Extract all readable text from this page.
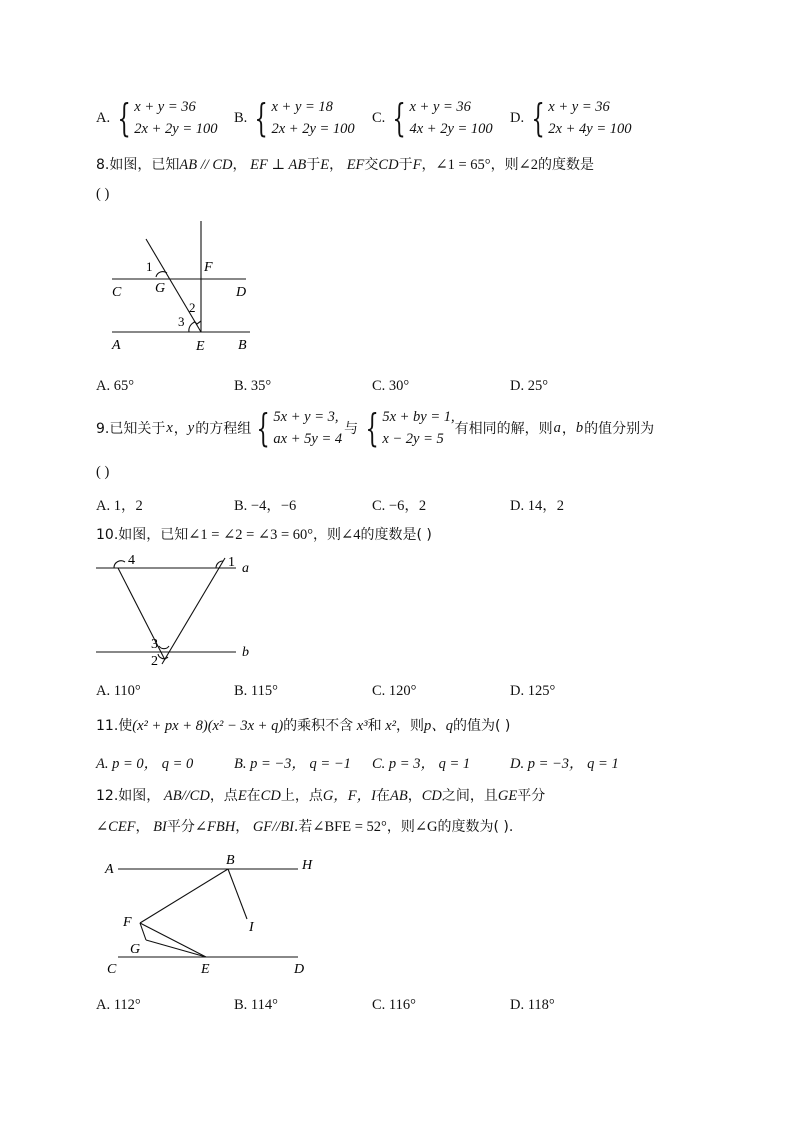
A. { x + y = 36
2x + 2y = 100
B. { x + y = 18
2x + 2y = 100
C. { x + y = 36
4x + 2y = 100
D. { x + y = 36
2x + 4y = 100
8.如图，已知AB // CD， EF ⊥ AB于E， EF交CD于F，∠1 = 65°，则∠2的度数是
( )
1	F
C G	D
2
3
A	E B
A. 65°	B. 35°	C. 30°	D. 25°
9.已知关于 x ， y 的方程组 { 5x + y = 3,
ax + 5y = 4
与 { 5x + by = 1,
x − 2y = 5
有相同的解，则 a ， b 的值分别为
( )
A. 1，2	B. −4，−6	C. −6，2	D. 14，2
10.如图，已知∠1 = ∠2 = ∠3 = 60°，则∠4的度数是( )
4	1 a
3
2
b
A. 110°	B. 115°	C. 120°	D. 125°
11.使(x² + px + 8)(x² − 3x + q)的乘积不含 x³和 x²，则p、q的值为( )
A. p = 0， q = 0	B. p = −3， q = −1 C. p = 3， q = 1	D. p = −3， q = 1
12.如图， AB//CD，点E在CD上，点G，F，I在AB，CD之间，且GE平分
∠CEF， BI平分∠FBH， GF//BI.若∠BFE = 52°，则∠G的度数为( ).
A
B	H
F	I
G
C	E	D
A. 112°	B. 114°	C. 116°	D. 118°
